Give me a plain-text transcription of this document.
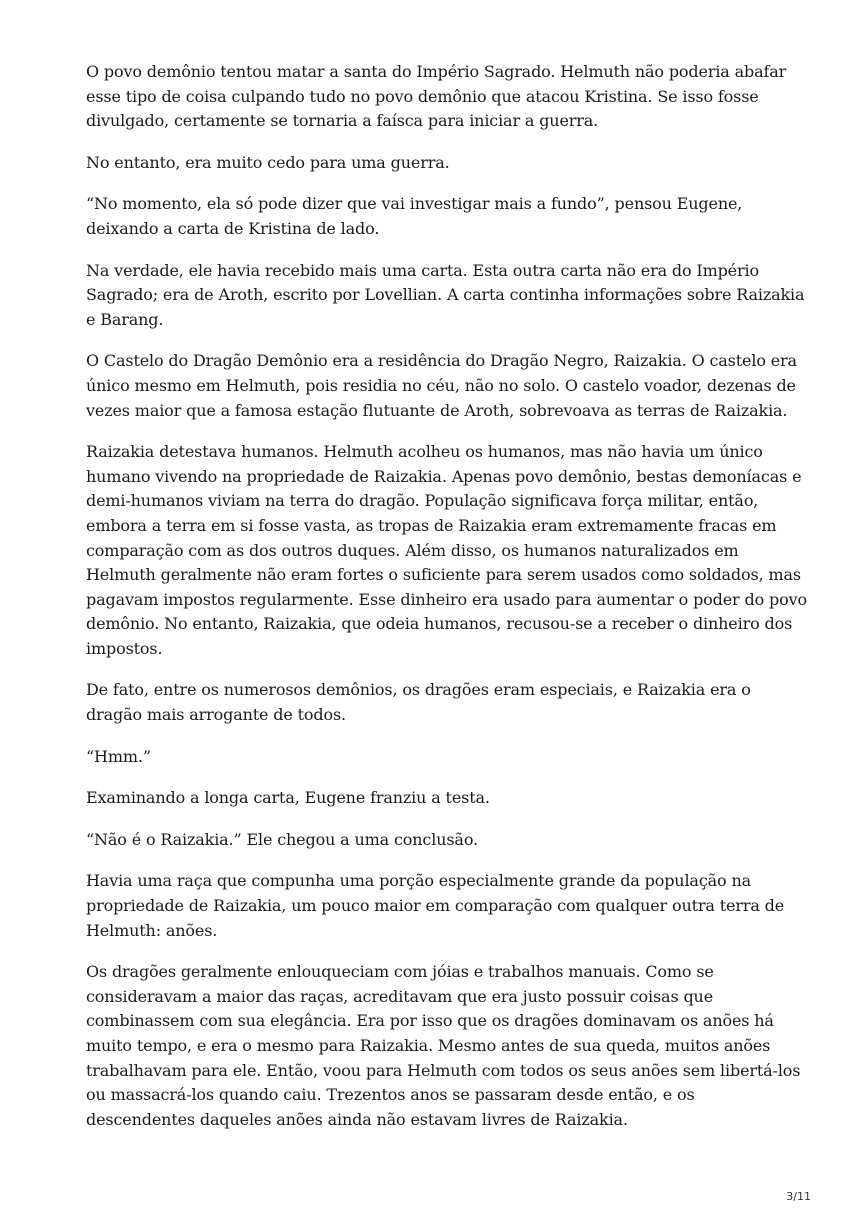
O povo demônio tentou matar a santa do Império Sagrado. Helmuth não poderia abafar esse tipo de coisa culpando tudo no povo demônio que atacou Kristina. Se isso fosse divulgado, certamente se tornaria a faísca para iniciar a guerra.

No entanto, era muito cedo para uma guerra.

“No momento, ela só pode dizer que vai investigar mais a fundo”, pensou Eugene, deixando a carta de Kristina de lado.

Na verdade, ele havia recebido mais uma carta. Esta outra carta não era do Império Sagrado; era de Aroth, escrito por Lovellian. A carta continha informações sobre Raizakia e Barang.

O Castelo do Dragão Demônio era a residência do Dragão Negro, Raizakia. O castelo era único mesmo em Helmuth, pois residia no céu, não no solo. O castelo voador, dezenas de vezes maior que a famosa estação flutuante de Aroth, sobrevoava as terras de Raizakia.

Raizakia detestava humanos. Helmuth acolheu os humanos, mas não havia um único humano vivendo na propriedade de Raizakia. Apenas povo demônio, bestas demoníacas e demi-humanos viviam na terra do dragão. População significava força militar, então, embora a terra em si fosse vasta, as tropas de Raizakia eram extremamente fracas em comparação com as dos outros duques. Além disso, os humanos naturalizados em Helmuth geralmente não eram fortes o suficiente para serem usados como soldados, mas pagavam impostos regularmente. Esse dinheiro era usado para aumentar o poder do povo demônio. No entanto, Raizakia, que odeia humanos, recusou-se a receber o dinheiro dos impostos.

De fato, entre os numerosos demônios, os dragões eram especiais, e Raizakia era o dragão mais arrogante de todos.

“Hmm.”

Examinando a longa carta, Eugene franziu a testa.

“Não é o Raizakia.” Ele chegou a uma conclusão.

Havia uma raça que compunha uma porção especialmente grande da população na propriedade de Raizakia, um pouco maior em comparação com qualquer outra terra de Helmuth: anões.

Os dragões geralmente enlouqueciam com jóias e trabalhos manuais. Como se consideravam a maior das raças, acreditavam que era justo possuir coisas que combinassem com sua elegância. Era por isso que os dragões dominavam os anões há muito tempo, e era o mesmo para Raizakia. Mesmo antes de sua queda, muitos anões trabalhavam para ele. Então, voou para Helmuth com todos os seus anões sem libertá-los ou massacrá-los quando caiu. Trezentos anos se passaram desde então, e os descendentes daqueles anões ainda não estavam livres de Raizakia.

3/11
